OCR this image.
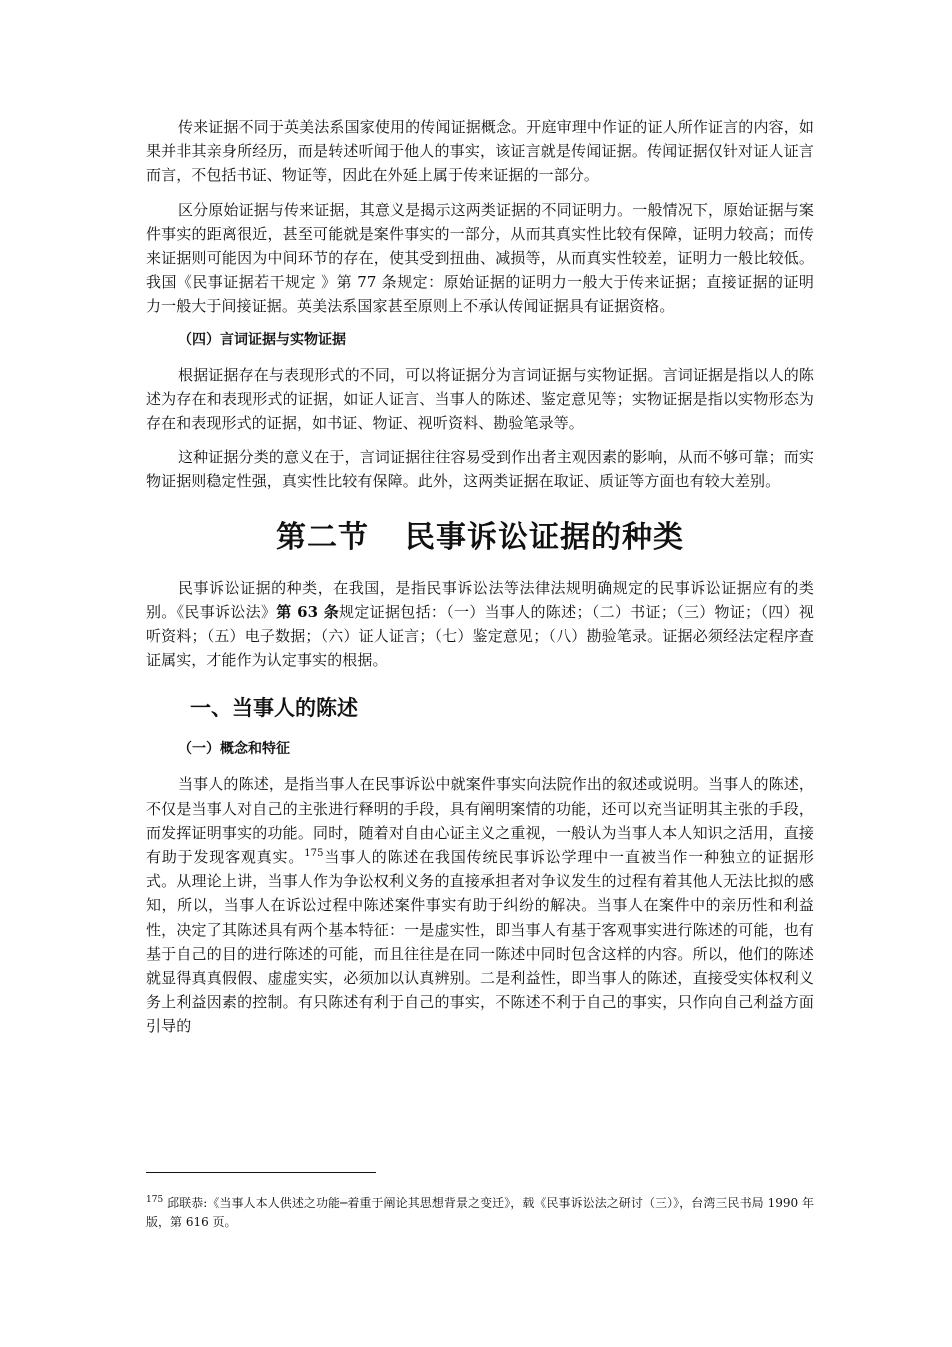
传来证据不同于英美法系国家使用的传闻证据概念。开庭审理中作证的证人所作证言的内容，如果并非其亲身所经历，而是转述听闻于他人的事实，该证言就是传闻证据。传闻证据仅针对证人证言而言，不包括书证、物证等，因此在外延上属于传来证据的一部分。

区分原始证据与传来证据，其意义是揭示这两类证据的不同证明力。一般情况下，原始证据与案件事实的距离很近，甚至可能就是案件事实的一部分，从而其真实性比较有保障，证明力较高；而传来证据则可能因为中间环节的存在，使其受到扭曲、减损等，从而真实性较差，证明力一般比较低。我国《民事证据若干规定 》第 77 条规定：原始证据的证明力一般大于传来证据；直接证据的证明力一般大于间接证据。英美法系国家甚至原则上不承认传闻证据具有证据资格。

（四）言词证据与实物证据

根据证据存在与表现形式的不同，可以将证据分为言词证据与实物证据。言词证据是指以人的陈述为存在和表现形式的证据，如证人证言、当事人的陈述、鉴定意见等；实物证据是指以实物形态为存在和表现形式的证据，如书证、物证、视听资料、勘验笔录等。

这种证据分类的意义在于，言词证据往往容易受到作出者主观因素的影响，从而不够可靠；而实物证据则稳定性强，真实性比较有保障。此外，这两类证据在取证、质证等方面也有较大差别。

第二节 民事诉讼证据的种类

民事诉讼证据的种类，在我国，是指民事诉讼法等法律法规明确规定的民事诉讼证据应有的类别。《民事诉讼法》第 63 条规定证据包括：（一）当事人的陈述；（二）书证；（三）物证；（四）视听资料；（五）电子数据；（六）证人证言；（七）鉴定意见；（八）勘验笔录。证据必须经法定程序查证属实，才能作为认定事实的根据。

一、当事人的陈述
（一）概念和特征

当事人的陈述，是指当事人在民事诉讼中就案件事实向法院作出的叙述或说明。当事人的陈述，不仅是当事人对自己的主张进行释明的手段，具有阐明案情的功能，还可以充当证明其主张的手段，而发挥证明事实的功能。同时，随着对自由心证主义之重视，一般认为当事人本人知识之活用，直接有助于发现客观真实。$^{175}$当事人的陈述在我国传统民事诉讼学理中一直被当作一种独立的证据形式。从理论上讲，当事人作为争讼权利义务的直接承担者对争议发生的过程有着其他人无法比拟的感知，所以，当事人在诉讼过程中陈述案件事实有助于纠纷的解决。当事人在案件中的亲历性和利益性，决定了其陈述具有两个基本特征：一是虚实性，即当事人有基于客观事实进行陈述的可能，也有基于自己的目的进行陈述的可能，而且往往是在同一陈述中同时包含这样的内容。所以，他们的陈述就显得真真假假、虚虚实实，必须加以认真辨别。二是利益性，即当事人的陈述，直接受实体权利义务上利益因素的控制。有只陈述有利于自己的事实，不陈述不利于自己的事实，只作向自己利益方面引导的

$^{175}$ 邱联恭:《当事人本人供述之功能─着重于阐论其思想背景之变迁》，载《民事诉讼法之研讨（三）》，台湾三民书局 1990 年版，第 616 页。
